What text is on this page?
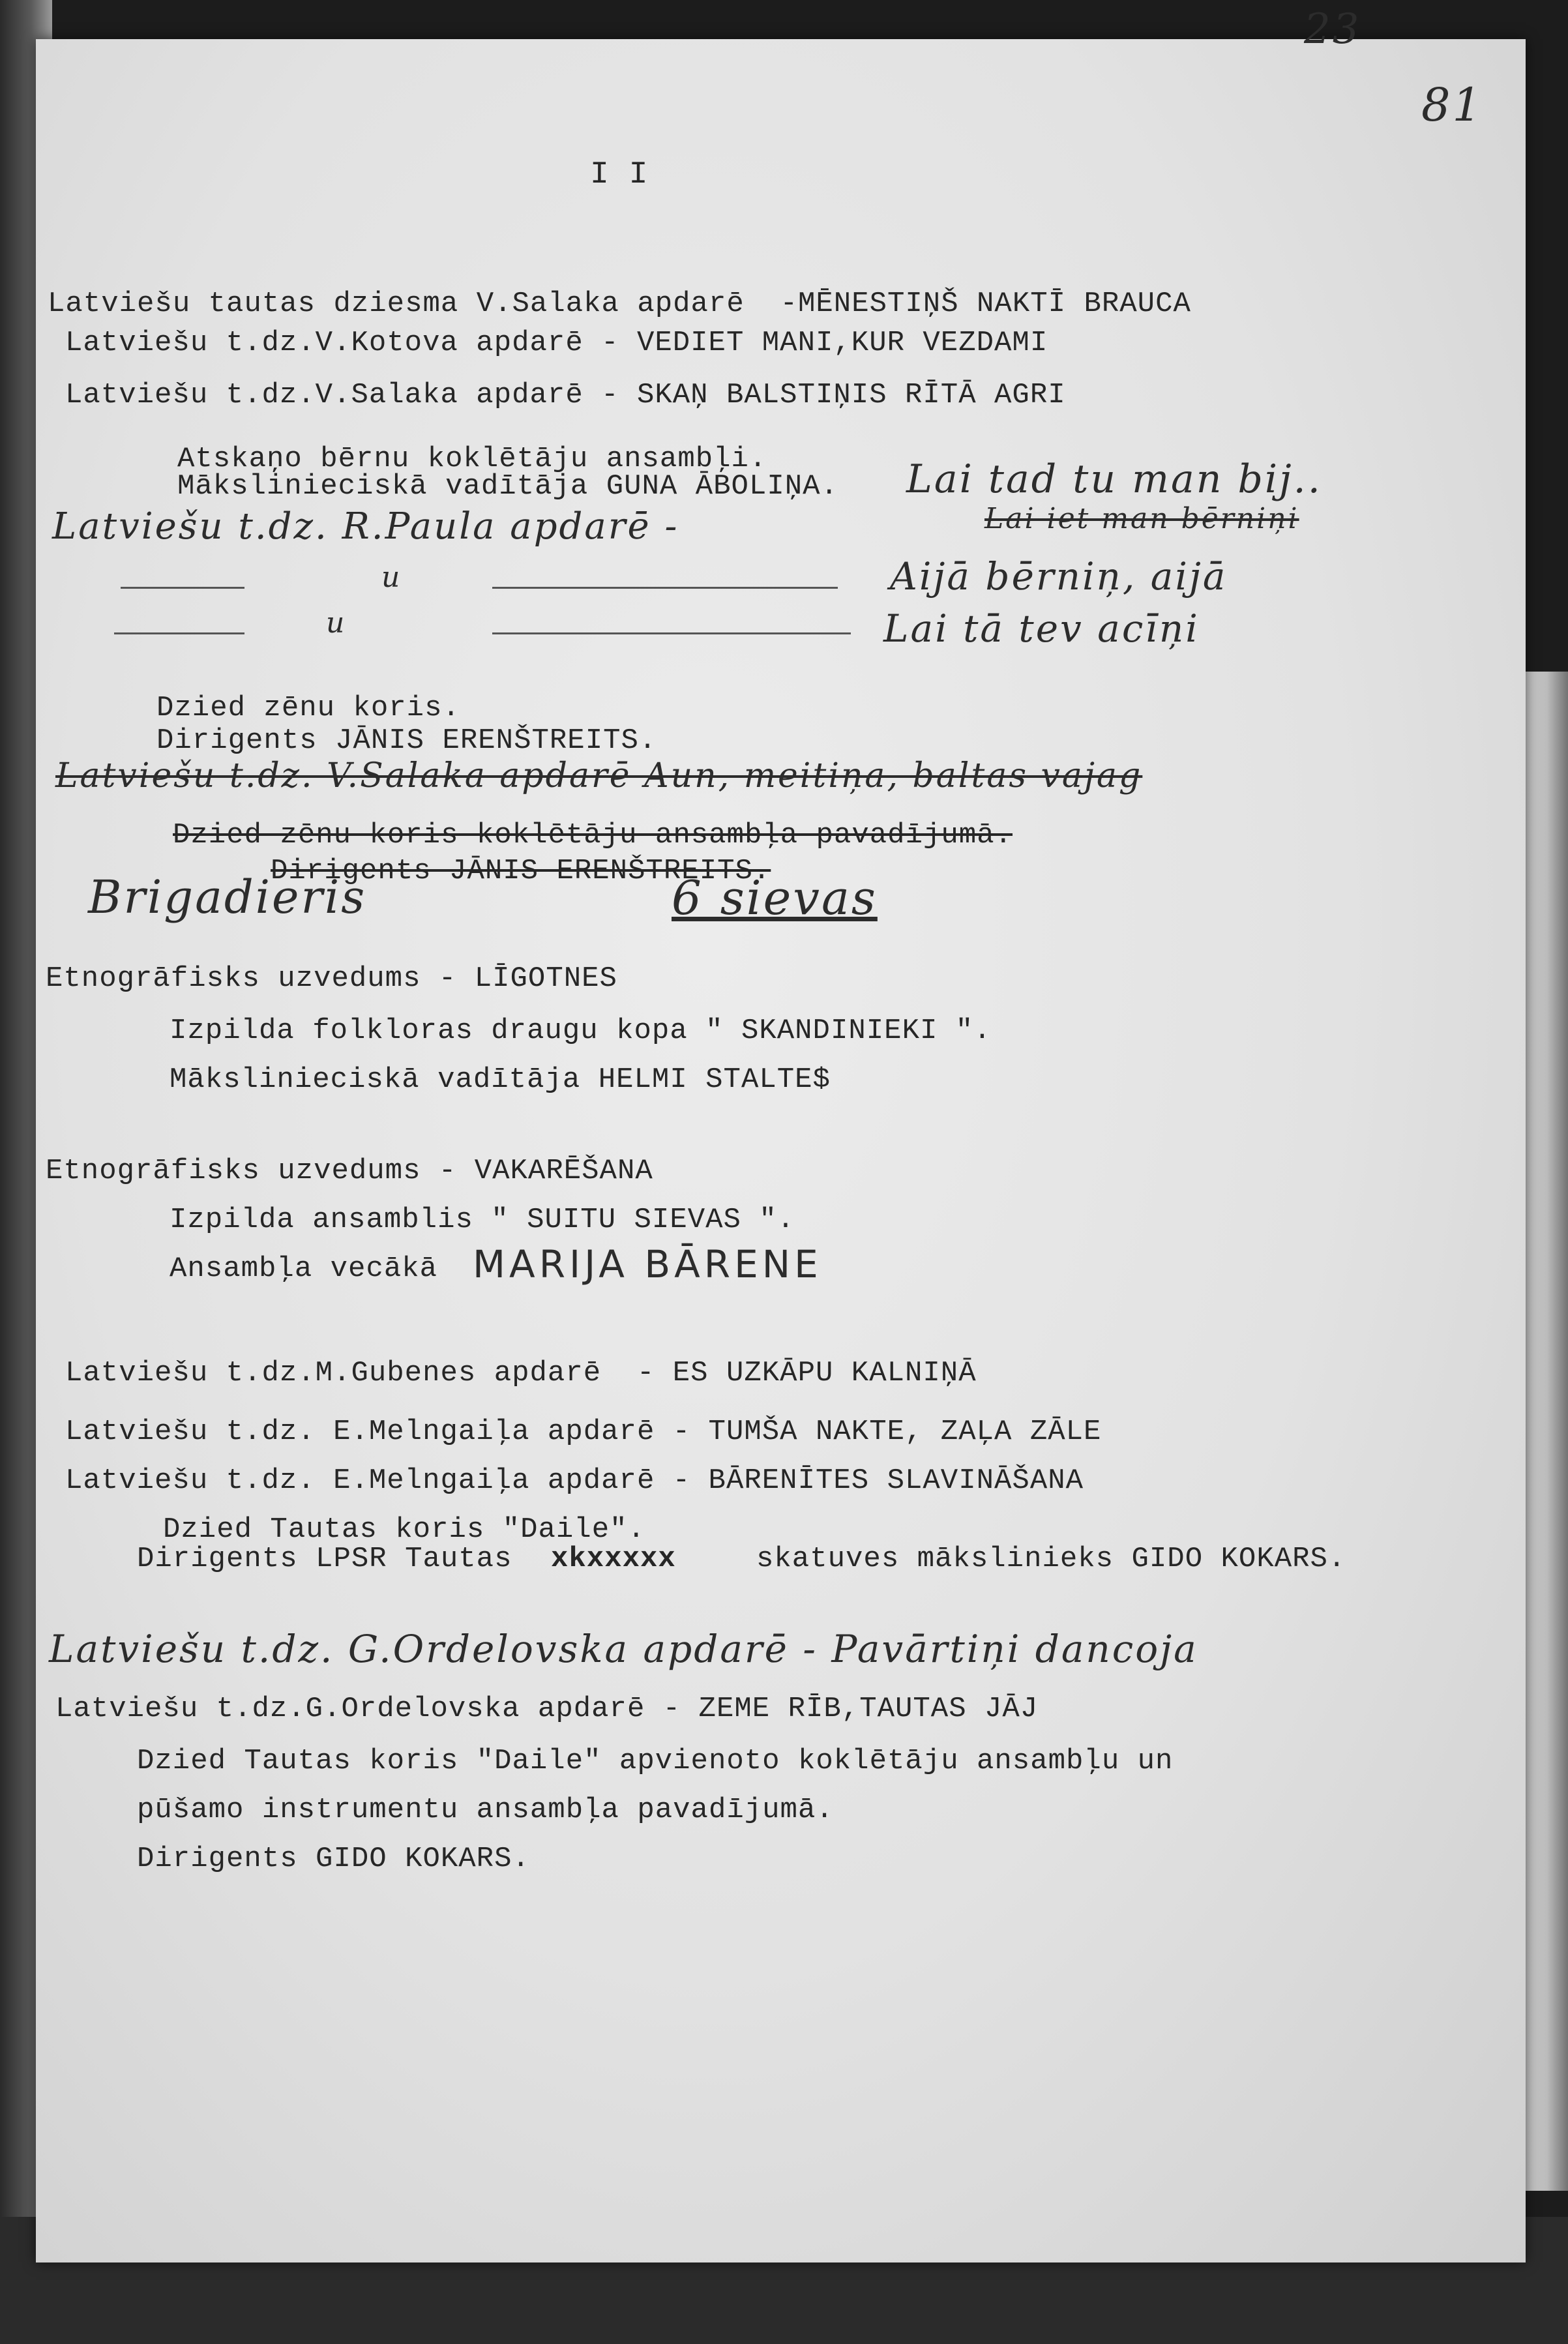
23
81
I I
Latviešu tautas dziesma V.Salaka apdarē  -MĒNESTIŅŠ NAKTĪ BRAUCA
Latviešu t.dz.V.Kotova apdarē - VEDIET MANI,KUR VEZDAMI
Latviešu t.dz.V.Salaka apdarē - SKAŅ BALSTIŅIS RĪTĀ AGRI
Atskaņo bērnu koklētāju ansambļi.
Mākslinieciskā vadītāja GUNA ĀBOLIŅA. Lai tad tu man bij..
Lai iet man bērniņi
Latviešu t.dz. R.Paula apdarē -
u	Aijā bērniņ, aijā
u	Lai tā tev acīņi
Dzied zēnu koris.
Dirigents JĀNIS ERENŠTREITS.
Latviešu t.dz. V.Salaka apdarē Aun, meitiņa, baltas vajag
Dzied zēnu koris koklētāju ansambļa pavadījumā.
Dirigents JĀNIS ERENŠTREITS.
Brigadieris	6 sievas
Etnogrāfisks uzvedums - LĪGOTNES
Izpilda folkloras draugu kopa " SKANDINIEKI ".
Mākslinieciskā vadītāja HELMI STALTE$
Etnogrāfisks uzvedums - VAKARĒŠANA
Izpilda ansamblis " SUITU SIEVAS ".
Ansambļa vecākā MARIJA BĀRENE
Latviešu t.dz.M.Gubenes apdarē  - ES UZKĀPU KALNIŅĀ
Latviešu t.dz. E.Melngaiļa apdarē - TUMŠA NAKTE, ZAĻA ZĀLE
Latviešu t.dz. E.Melngaiļa apdarē - BĀRENĪTES SLAVINĀŠANA
Dzied Tautas koris "Daile".
Dirigents LPSR Tautas xkxxxxx	skatuves mākslinieks GIDO KOKARS.
Latviešu t.dz. G.Ordelovska apdarē - Pavārtiņi dancoja
Latviešu t.dz.G.Ordelovska apdarē - ZEME RĪB,TAUTAS JĀJ
Dzied Tautas koris "Daile" apvienoto koklētāju ansambļu un
pūšamo instrumentu ansambļa pavadījumā.
Dirigents GIDO KOKARS.
